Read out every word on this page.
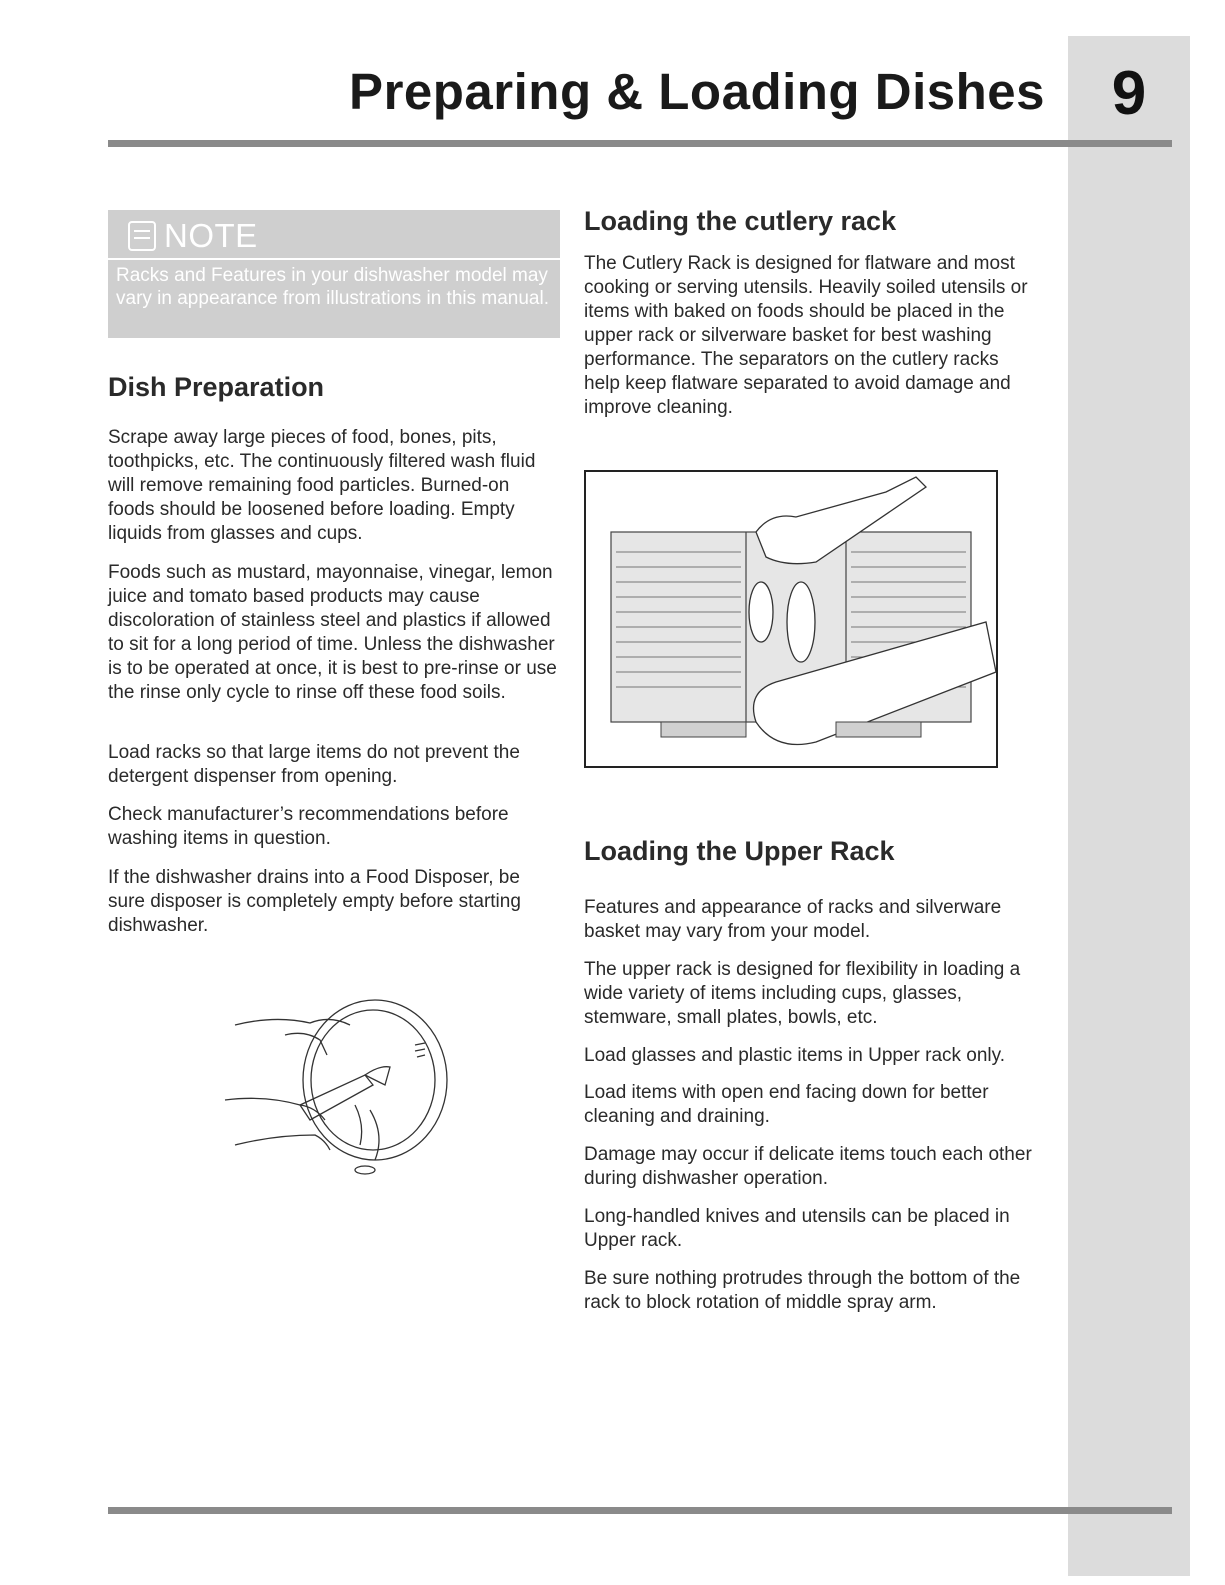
9
Preparing & Loading Dishes
NOTE

Racks and Features in your dishwasher model may vary in appearance from illustrations in this manual.

Dish Preparation

Scrape away large pieces of food, bones, pits, toothpicks, etc. The continuously filtered wash fluid will remove remaining food particles. Burned-on foods should be loosened before loading. Empty liquids from glasses and cups.

Foods such as mustard, mayonnaise, vinegar, lemon juice and tomato based products may cause discoloration of stainless steel and plastics if allowed to sit for a long period of time. Unless the dishwasher is to be operated at once, it is best to pre-rinse or use the rinse only cycle to rinse off these food soils.

Load racks so that large items do not prevent the detergent dispenser from opening.

Check manufacturer’s recommendations before washing items in question.

If the dishwasher drains into a Food Disposer, be sure disposer is completely empty before starting dishwasher.

Loading the cutlery rack

The Cutlery Rack is designed for flatware and most cooking or serving utensils. Heavily soiled utensils or items with baked on foods should be placed in the upper rack or silverware basket for best washing performance. The separators on the cutlery racks help keep flatware separated to avoid damage and improve cleaning.

Loading the Upper Rack

Features and appearance of racks and silverware basket may vary from your model.

The upper rack is designed for flexibility in loading a wide variety of items including cups, glasses, stemware, small plates, bowls, etc.

Load glasses and plastic items in Upper rack only.

Load items with open end facing down for better cleaning and draining.

Damage may occur if delicate items touch each other during dishwasher operation.

Long-handled knives and utensils can be placed in Upper rack.

Be sure nothing protrudes through the bottom of the rack to block rotation of middle spray arm.
